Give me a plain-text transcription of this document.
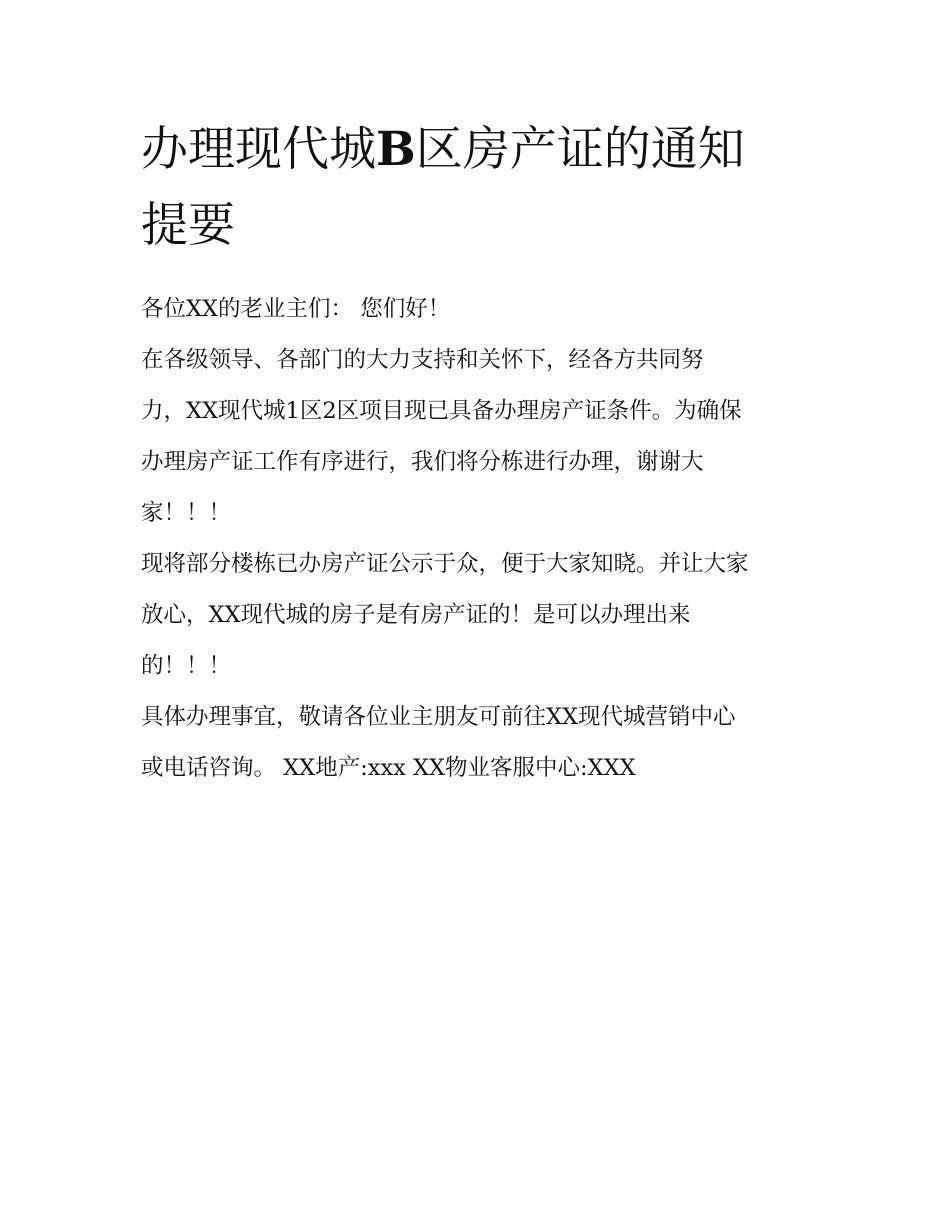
办理现代城B区房产证的通知
提要

各位XX的老业主们： 您们好！

在各级领导、各部门的大力支持和关怀下，经各方共同努
力，XX现代城1区2区项目现已具备办理房产证条件。为确保
办理房产证工作有序进行，我们将分栋进行办理，谢谢大
家！！！

现将部分楼栋已办房产证公示于众，便于大家知晓。并让大家
放心，XX现代城的房子是有房产证的！是可以办理出来
的！！！

具体办理事宜，敬请各位业主朋友可前往XX现代城营销中心
或电话咨询。 XX地产:xxx XX物业客服中心:XXX
